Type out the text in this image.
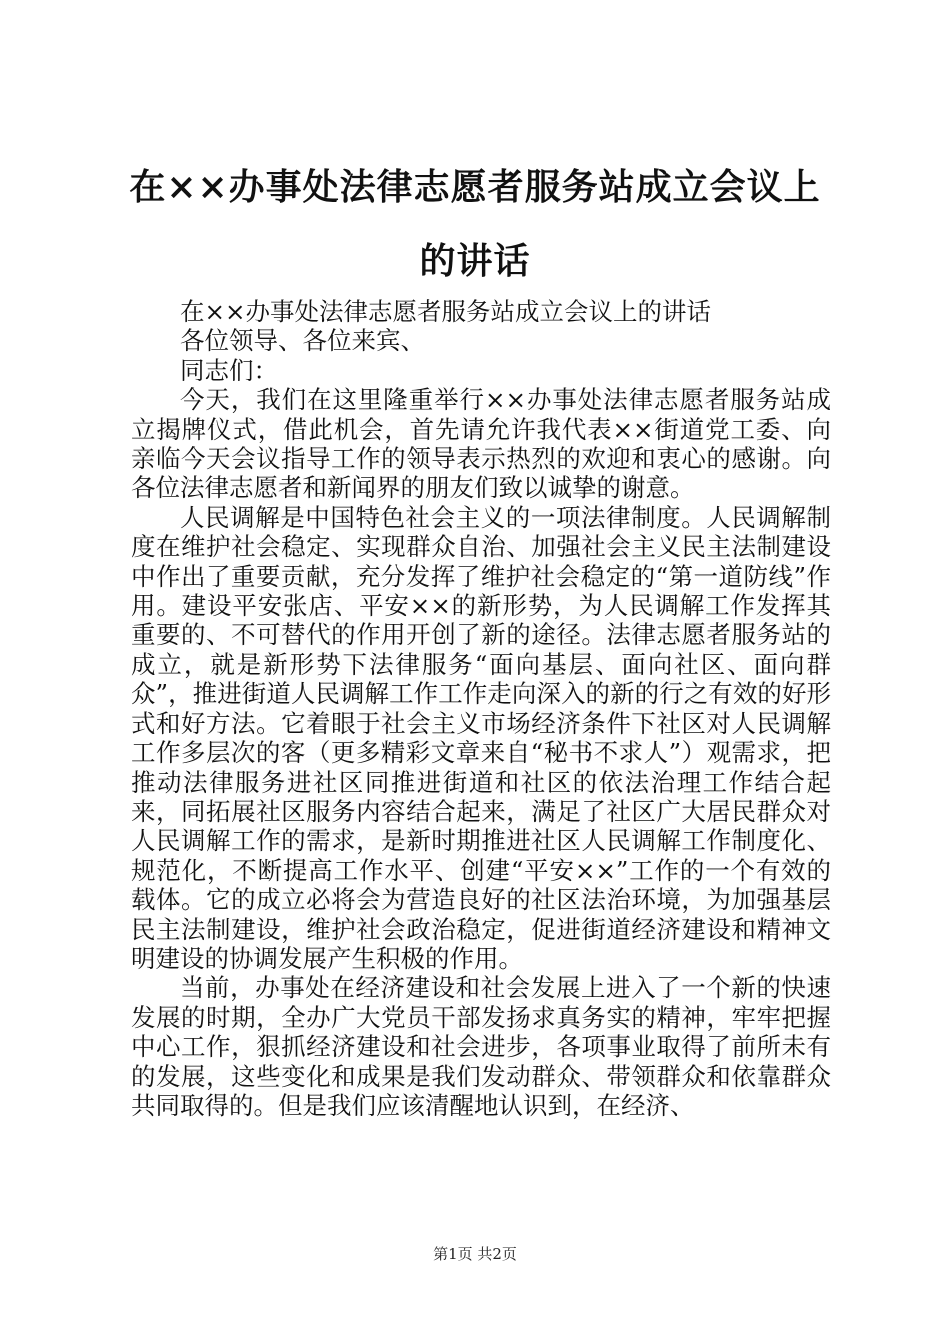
在××办事处法律志愿者服务站成立会议上的讲话

在××办事处法律志愿者服务站成立会议上的讲话

各位领导、各位来宾、

同志们：

今天，我们在这里隆重举行××办事处法律志愿者服务站成立揭牌仪式，借此机会，首先请允许我代表××街道党工委、向亲临今天会议指导工作的领导表示热烈的欢迎和衷心的感谢。向各位法律志愿者和新闻界的朋友们致以诚挚的谢意。

人民调解是中国特色社会主义的一项法律制度。人民调解制度在维护社会稳定、实现群众自治、加强社会主义民主法制建设中作出了重要贡献，充分发挥了维护社会稳定的“第一道防线”作用。建设平安张店、平安××的新形势，为人民调解工作发挥其重要的、不可替代的作用开创了新的途径。法律志愿者服务站的成立，就是新形势下法律服务“面向基层、面向社区、面向群众”，推进街道人民调解工作工作走向深入的新的行之有效的好形式和好方法。它着眼于社会主义市场经济条件下社区对人民调解工作多层次的客（更多精彩文章来自“秘书不求人”）观需求，把推动法律服务进社区同推进街道和社区的依法治理工作结合起来，同拓展社区服务内容结合起来，满足了社区广大居民群众对人民调解工作的需求，是新时期推进社区人民调解工作制度化、规范化，不断提高工作水平、创建“平安××”工作的一个有效的载体。它的成立必将会为营造良好的社区法治环境，为加强基层民主法制建设，维护社会政治稳定，促进街道经济建设和精神文明建设的协调发展产生积极的作用。

当前，办事处在经济建设和社会发展上进入了一个新的快速发展的时期，全办广大党员干部发扬求真务实的精神，牢牢把握中心工作，狠抓经济建设和社会进步，各项事业取得了前所未有的发展，这些变化和成果是我们发动群众、带领群众和依靠群众共同取得的。但是我们应该清醒地认识到，在经济、

第1页 共2页
